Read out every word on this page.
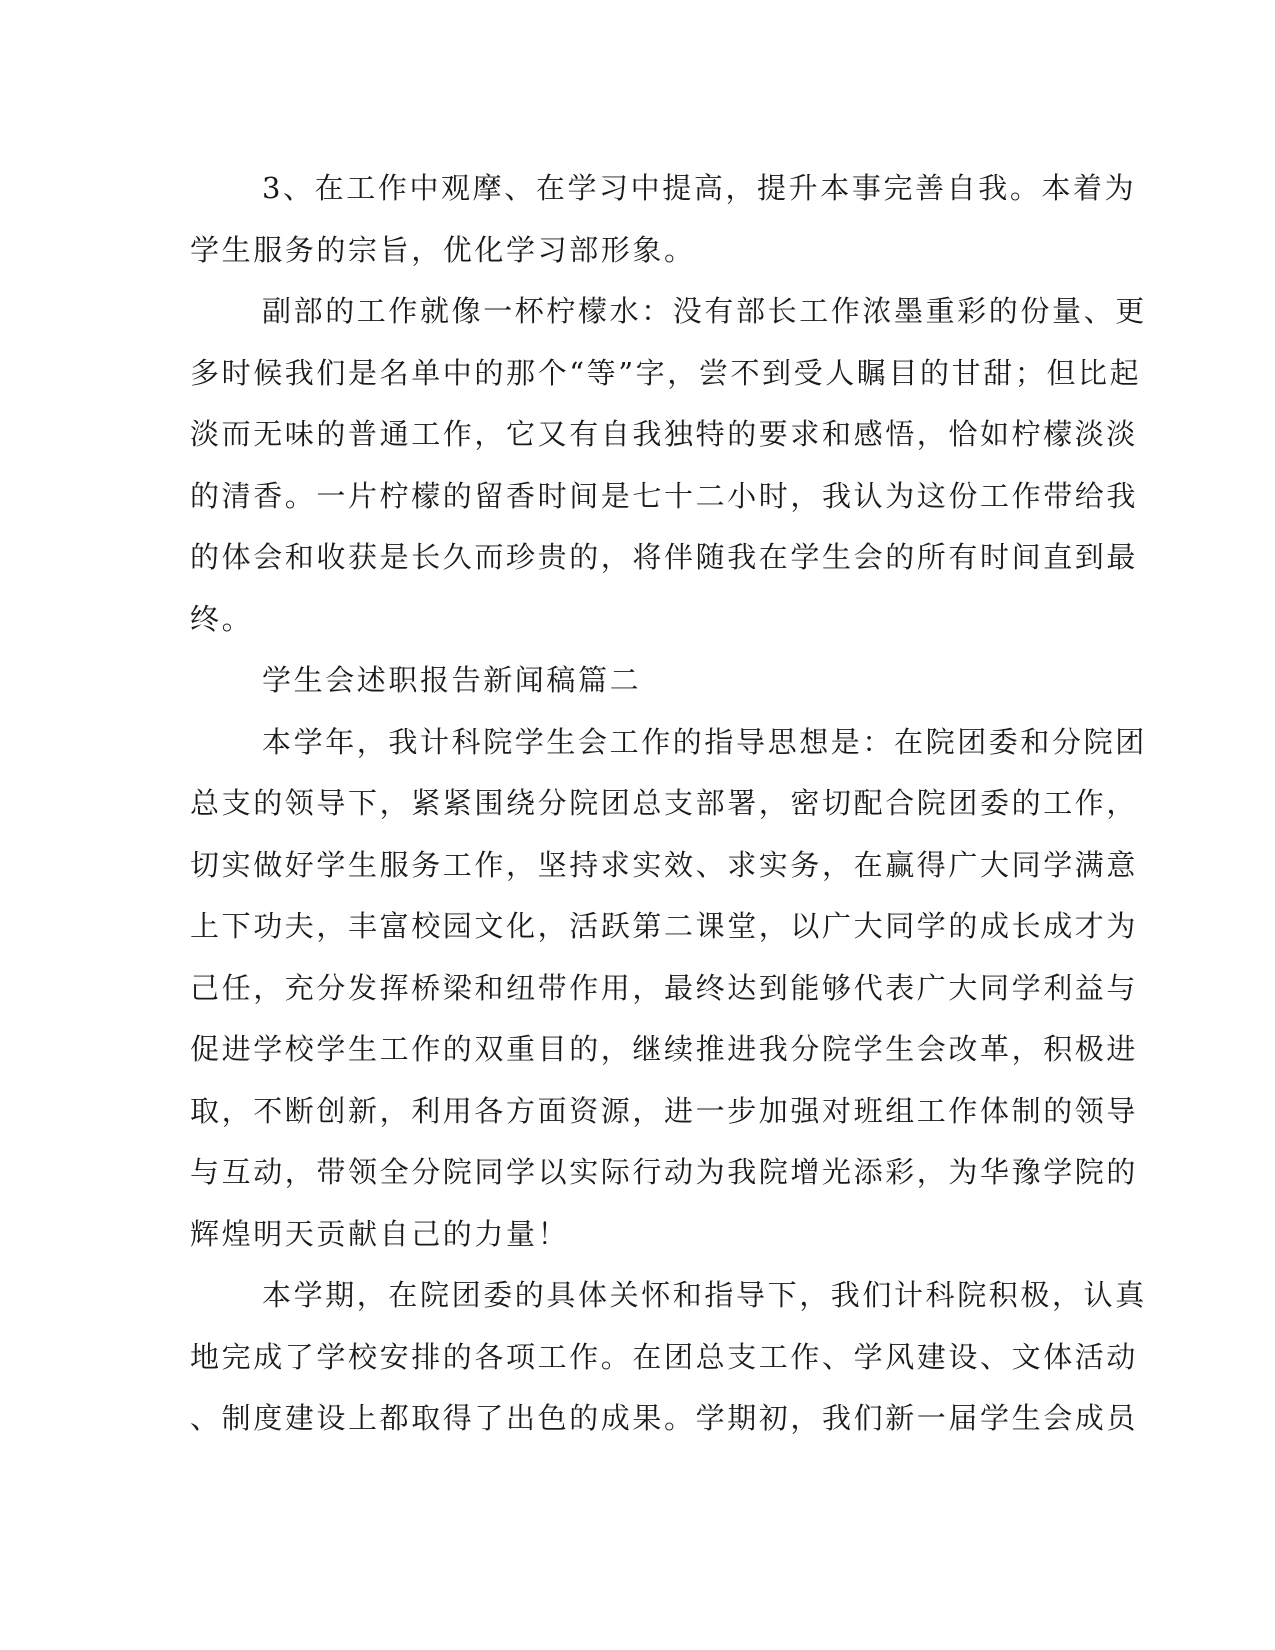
3、在工作中观摩、在学习中提高，提升本事完善自我。本着为
学生服务的宗旨，优化学习部形象。
副部的工作就像一杯柠檬水：没有部长工作浓墨重彩的份量、更
多时候我们是名单中的那个“等”字，尝不到受人瞩目的甘甜；但比起
淡而无味的普通工作，它又有自我独特的要求和感悟，恰如柠檬淡淡
的清香。一片柠檬的留香时间是七十二小时，我认为这份工作带给我
的体会和收获是长久而珍贵的，将伴随我在学生会的所有时间直到最
终。
学生会述职报告新闻稿篇二
本学年，我计科院学生会工作的指导思想是：在院团委和分院团
总支的领导下，紧紧围绕分院团总支部署，密切配合院团委的工作，
切实做好学生服务工作，坚持求实效、求实务，在赢得广大同学满意
上下功夫，丰富校园文化，活跃第二课堂，以广大同学的成长成才为
己任，充分发挥桥梁和纽带作用，最终达到能够代表广大同学利益与
促进学校学生工作的双重目的，继续推进我分院学生会改革，积极进
取，不断创新，利用各方面资源，进一步加强对班组工作体制的领导
与互动，带领全分院同学以实际行动为我院增光添彩，为华豫学院的
辉煌明天贡献自己的力量！
本学期，在院团委的具体关怀和指导下，我们计科院积极，认真
地完成了学校安排的各项工作。在团总支工作、学风建设、文体活动
、制度建设上都取得了出色的成果。学期初，我们新一届学生会成员
